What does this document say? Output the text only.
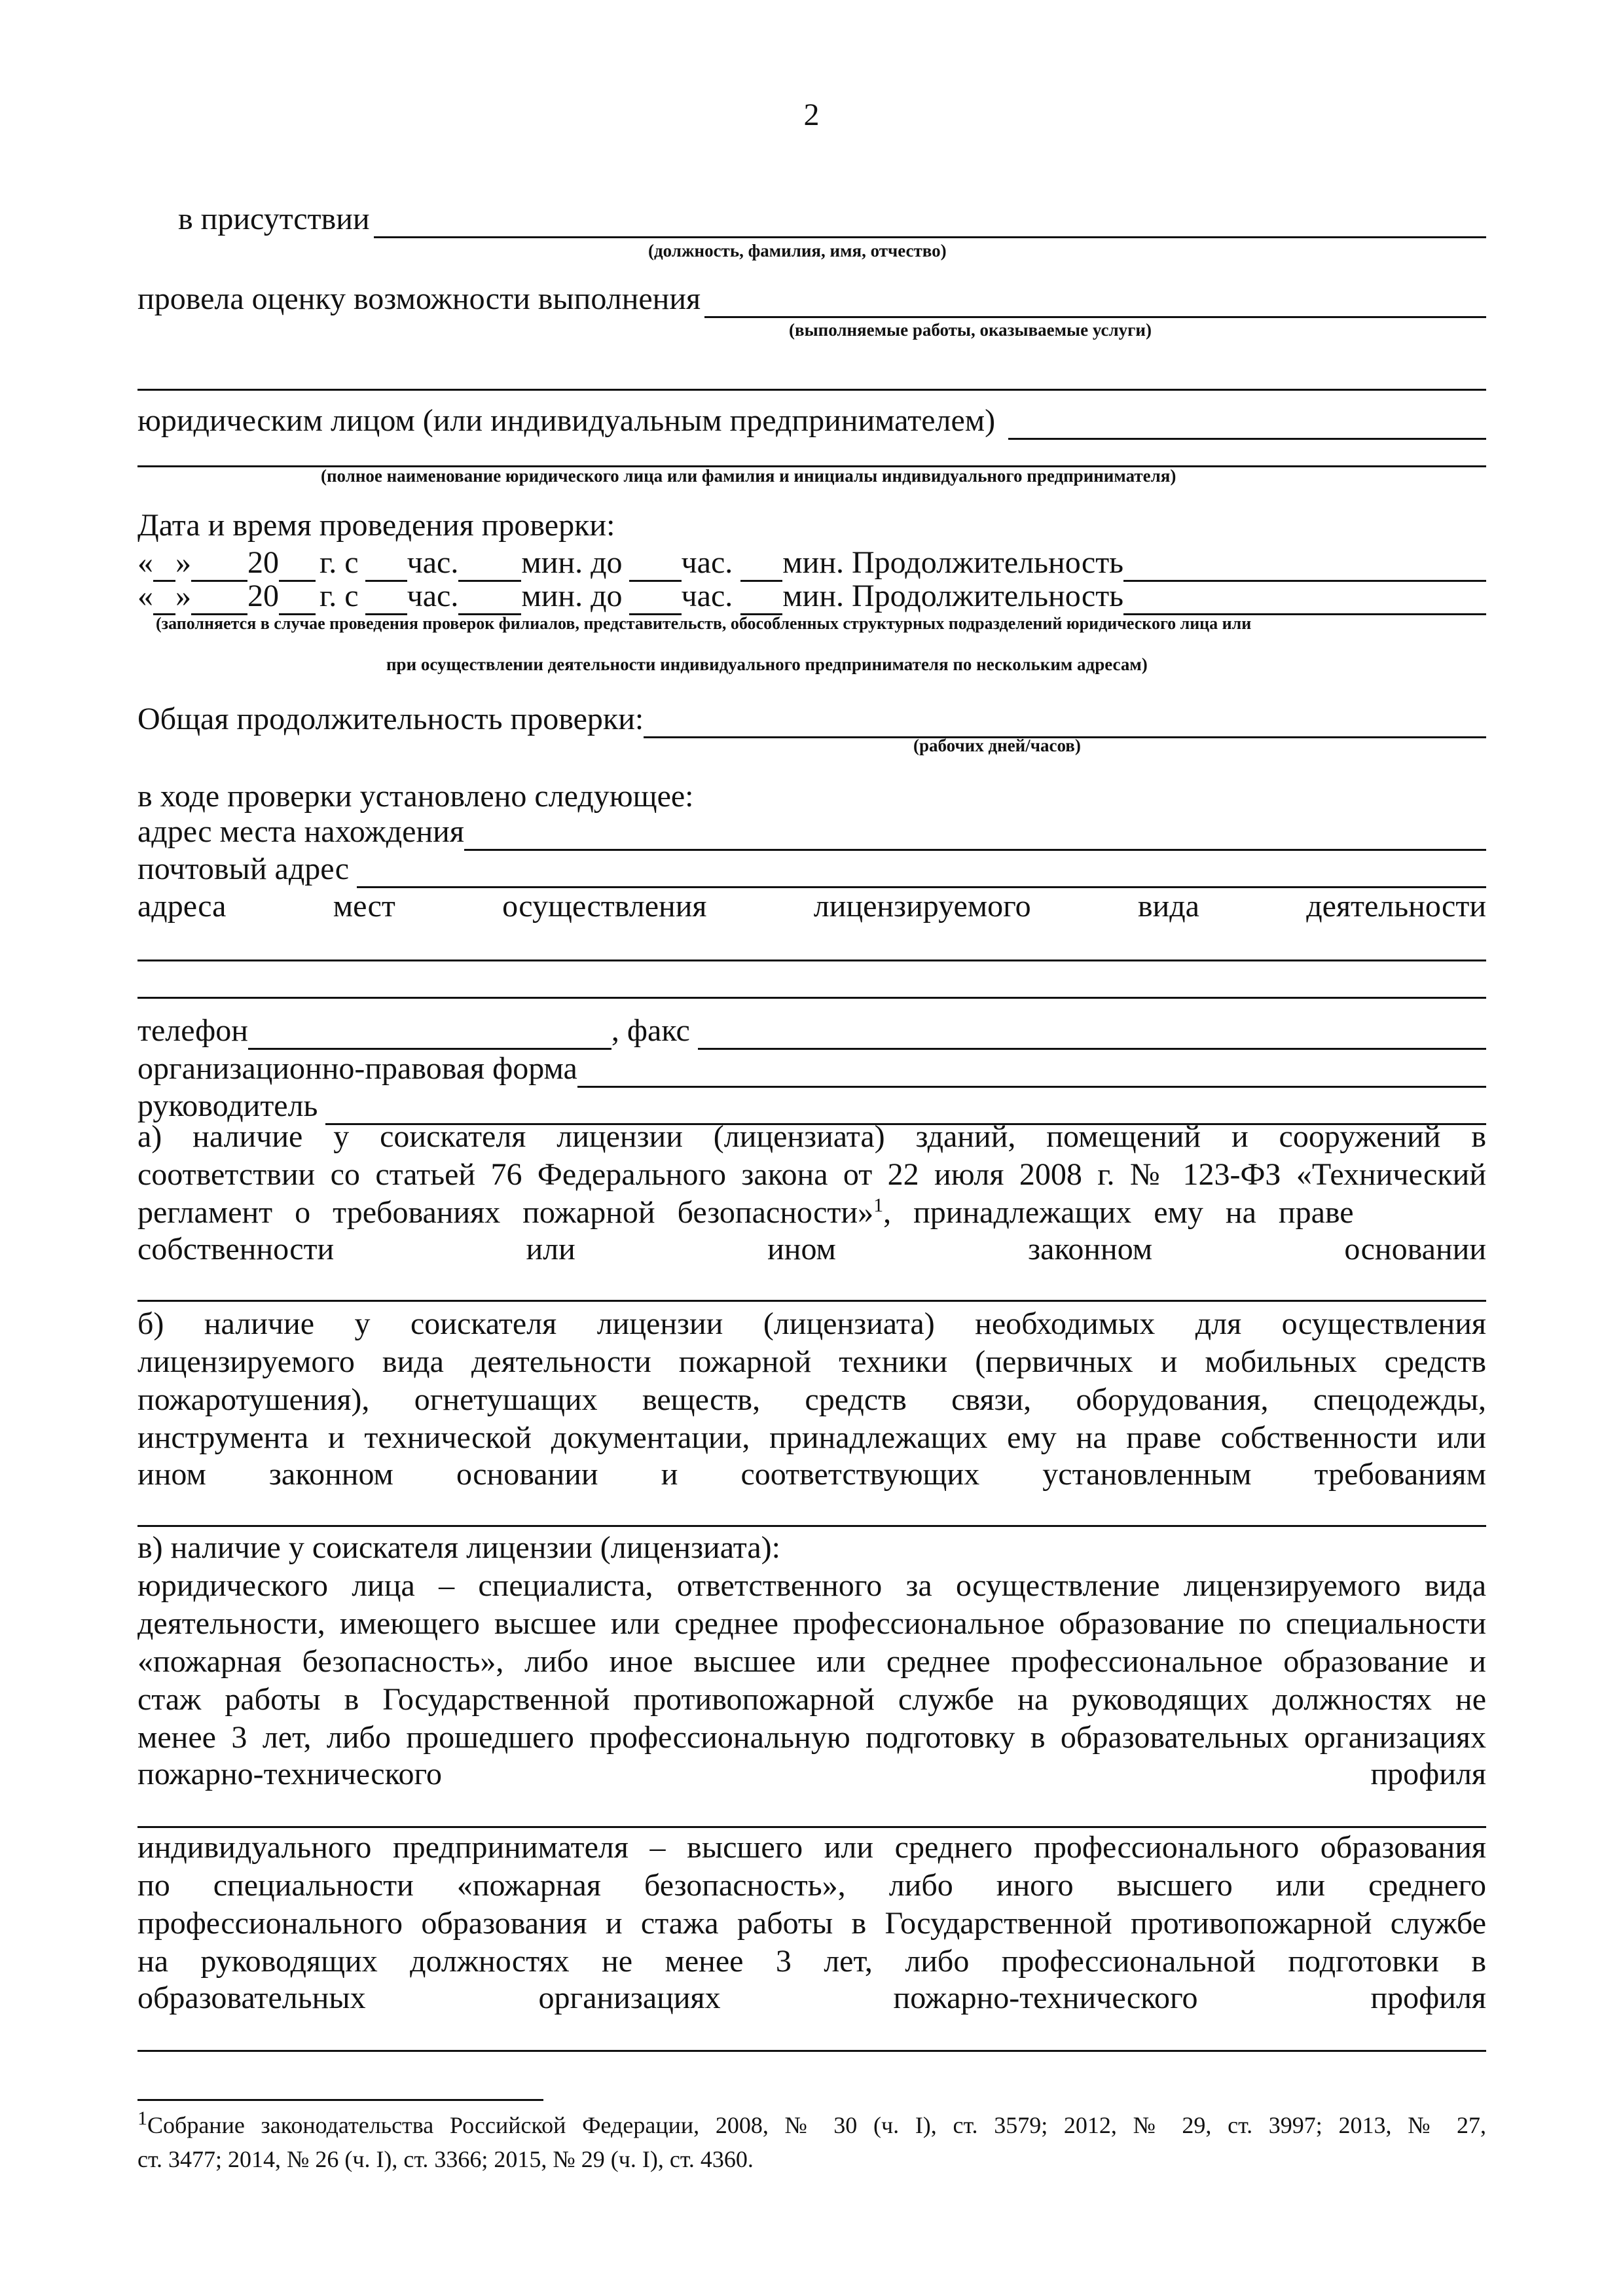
2
в присутствии
(должность, фамилия, имя, отчество)
провела оценку возможности выполнения
(выполняемые работы, оказываемые услуги)
юридическим лицом (или индивидуальным предпринимателем)
(полное наименование юридического лица или фамилия и инициалы индивидуального предпринимателя)
Дата и время проведения проверки:
« » 20 г. с час. мин. до час. мин. Продолжительность
« » 20 г. с час. мин. до час. мин. Продолжительность
(заполняется в случае проведения проверок филиалов, представительств, обособленных структурных подразделений юридического лица или
при осуществлении деятельности индивидуального предпринимателя по нескольким адресам)
Общая продолжительность проверки:
(рабочих дней/часов)
в ходе проверки установлено следующее:
адрес места нахождения
почтовый адрес
адреса	мест	осуществления	лицензируемого	вида	деятельности
телефон	, факс
организационно-правовая форма
руководитель
а) наличие у соискателя лицензии (лицензиата) зданий, помещений и сооружений в
соответствии со статьей 76 Федерального закона от 22 июля 2008 г. № 123-ФЗ «Технический
регламент о требованиях пожарной безопасности»$^1$, принадлежащих ему на праве
собственности или ином законном основании
б) наличие у соискателя лицензии (лицензиата) необходимых для осуществления
лицензируемого вида деятельности пожарной техники (первичных и мобильных средств
пожаротушения), огнетушащих веществ, средств связи, оборудования, спецодежды,
инструмента и технической документации, принадлежащих ему на праве собственности или
ином законном основании и соответствующих установленным требованиям
в) наличие у соискателя лицензии (лицензиата):
юридического лица – специалиста, ответственного за осуществление лицензируемого вида
деятельности, имеющего высшее или среднее профессиональное образование по специальности
«пожарная безопасность», либо иное высшее или среднее профессиональное образование и
стаж работы в Государственной противопожарной службе на руководящих должностях не
менее 3 лет, либо прошедшего профессиональную подготовку в образовательных организациях
пожарно-технического профиля
индивидуального предпринимателя – высшего или среднего профессионального образования
по специальности «пожарная безопасность», либо иного высшего или среднего
профессионального образования и стажа работы в Государственной противопожарной службе
на руководящих должностях не менее 3 лет, либо профессиональной подготовки в
образовательных организациях пожарно-технического профиля
$^1$Собрание законодательства Российской Федерации, 2008, № 30 (ч. I), ст. 3579; 2012, № 29, ст. 3997; 2013, № 27,
ст. 3477; 2014, № 26 (ч. I), ст. 3366; 2015, № 29 (ч. I), ст. 4360.
